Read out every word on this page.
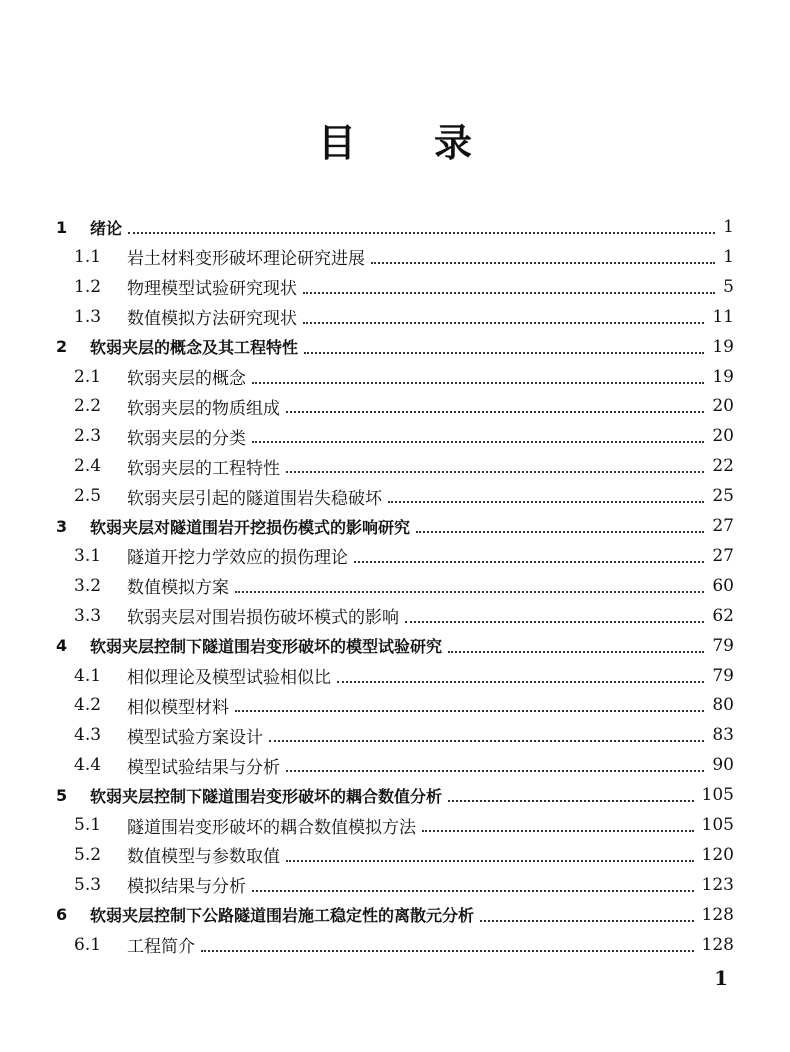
目 录
1 绪论	1
1.1 岩土材料变形破坏理论研究进展	1
1.2 物理模型试验研究现状	5
1.3 数值模拟方法研究现状	11
2 软弱夹层的概念及其工程特性	19
2.1 软弱夹层的概念	19
2.2 软弱夹层的物质组成	20
2.3 软弱夹层的分类	20
2.4 软弱夹层的工程特性	22
2.5 软弱夹层引起的隧道围岩失稳破坏	25
3 软弱夹层对隧道围岩开挖损伤模式的影响研究	27
3.1 隧道开挖力学效应的损伤理论	27
3.2 数值模拟方案	60
3.3 软弱夹层对围岩损伤破坏模式的影响	62
4 软弱夹层控制下隧道围岩变形破坏的模型试验研究	79
4.1 相似理论及模型试验相似比	79
4.2 相似模型材料	80
4.3 模型试验方案设计	83
4.4 模型试验结果与分析	90
5 软弱夹层控制下隧道围岩变形破坏的耦合数值分析	105
5.1 隧道围岩变形破坏的耦合数值模拟方法	105
5.2 数值模型与参数取值	120
5.3 模拟结果与分析	123
6 软弱夹层控制下公路隧道围岩施工稳定性的离散元分析	128
6.1 工程简介	128
1
